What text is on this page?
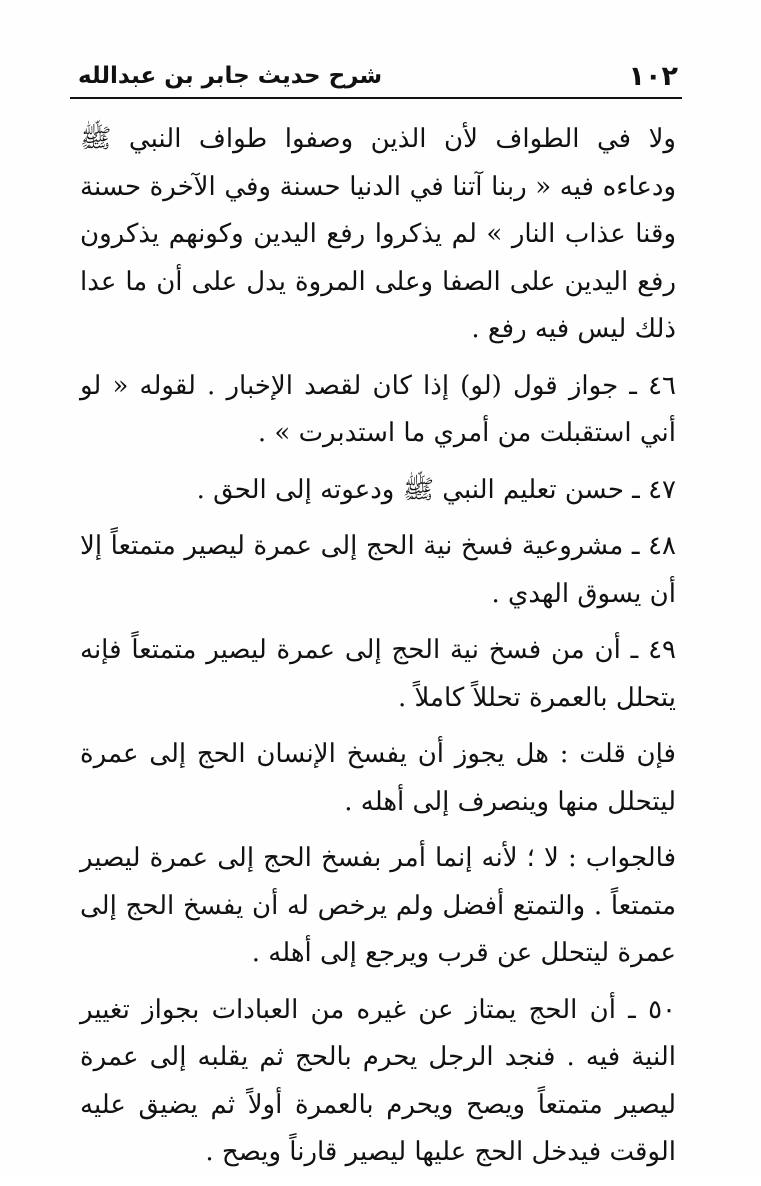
١٠٢
شرح حديث جابر بن عبدالله

ولا في الطواف لأن الذين وصفوا طواف النبي ﷺ ودعاءه فيه « ربنا آتنا في الدنيا حسنة وفي الآخرة حسنة وقنا عذاب النار » لم يذكروا رفع اليدين وكونهم يذكرون رفع اليدين على الصفا وعلى المروة يدل على أن ما عدا ذلك ليس فيه رفع .

٤٦ ـ جواز قول (لو) إذا كان لقصد الإخبار . لقوله « لو أني استقبلت من أمري ما استدبرت » .

٤٧ ـ حسن تعليم النبي ﷺ ودعوته إلى الحق .

٤٨ ـ مشروعية فسخ نية الحج إلى عمرة ليصير متمتعاً إلا أن يسوق الهدي .

٤٩ ـ أن من فسخ نية الحج إلى عمرة ليصير متمتعاً فإنه يتحلل بالعمرة تحللاً كاملاً .

فإن قلت : هل يجوز أن يفسخ الإنسان الحج إلى عمرة ليتحلل منها وينصرف إلى أهله .

فالجواب : لا ؛ لأنه إنما أمر بفسخ الحج إلى عمرة ليصير متمتعاً . والتمتع أفضل ولم يرخص له أن يفسخ الحج إلى عمرة ليتحلل عن قرب ويرجع إلى أهله .

٥٠ ـ أن الحج يمتاز عن غيره من العبادات بجواز تغيير النية فيه . فنجد الرجل يحرم بالحج ثم يقلبه إلى عمرة ليصير متمتعاً ويصح ويحرم بالعمرة أولاً ثم يضيق عليه الوقت فيدخل الحج عليها ليصير قارناً ويصح .
